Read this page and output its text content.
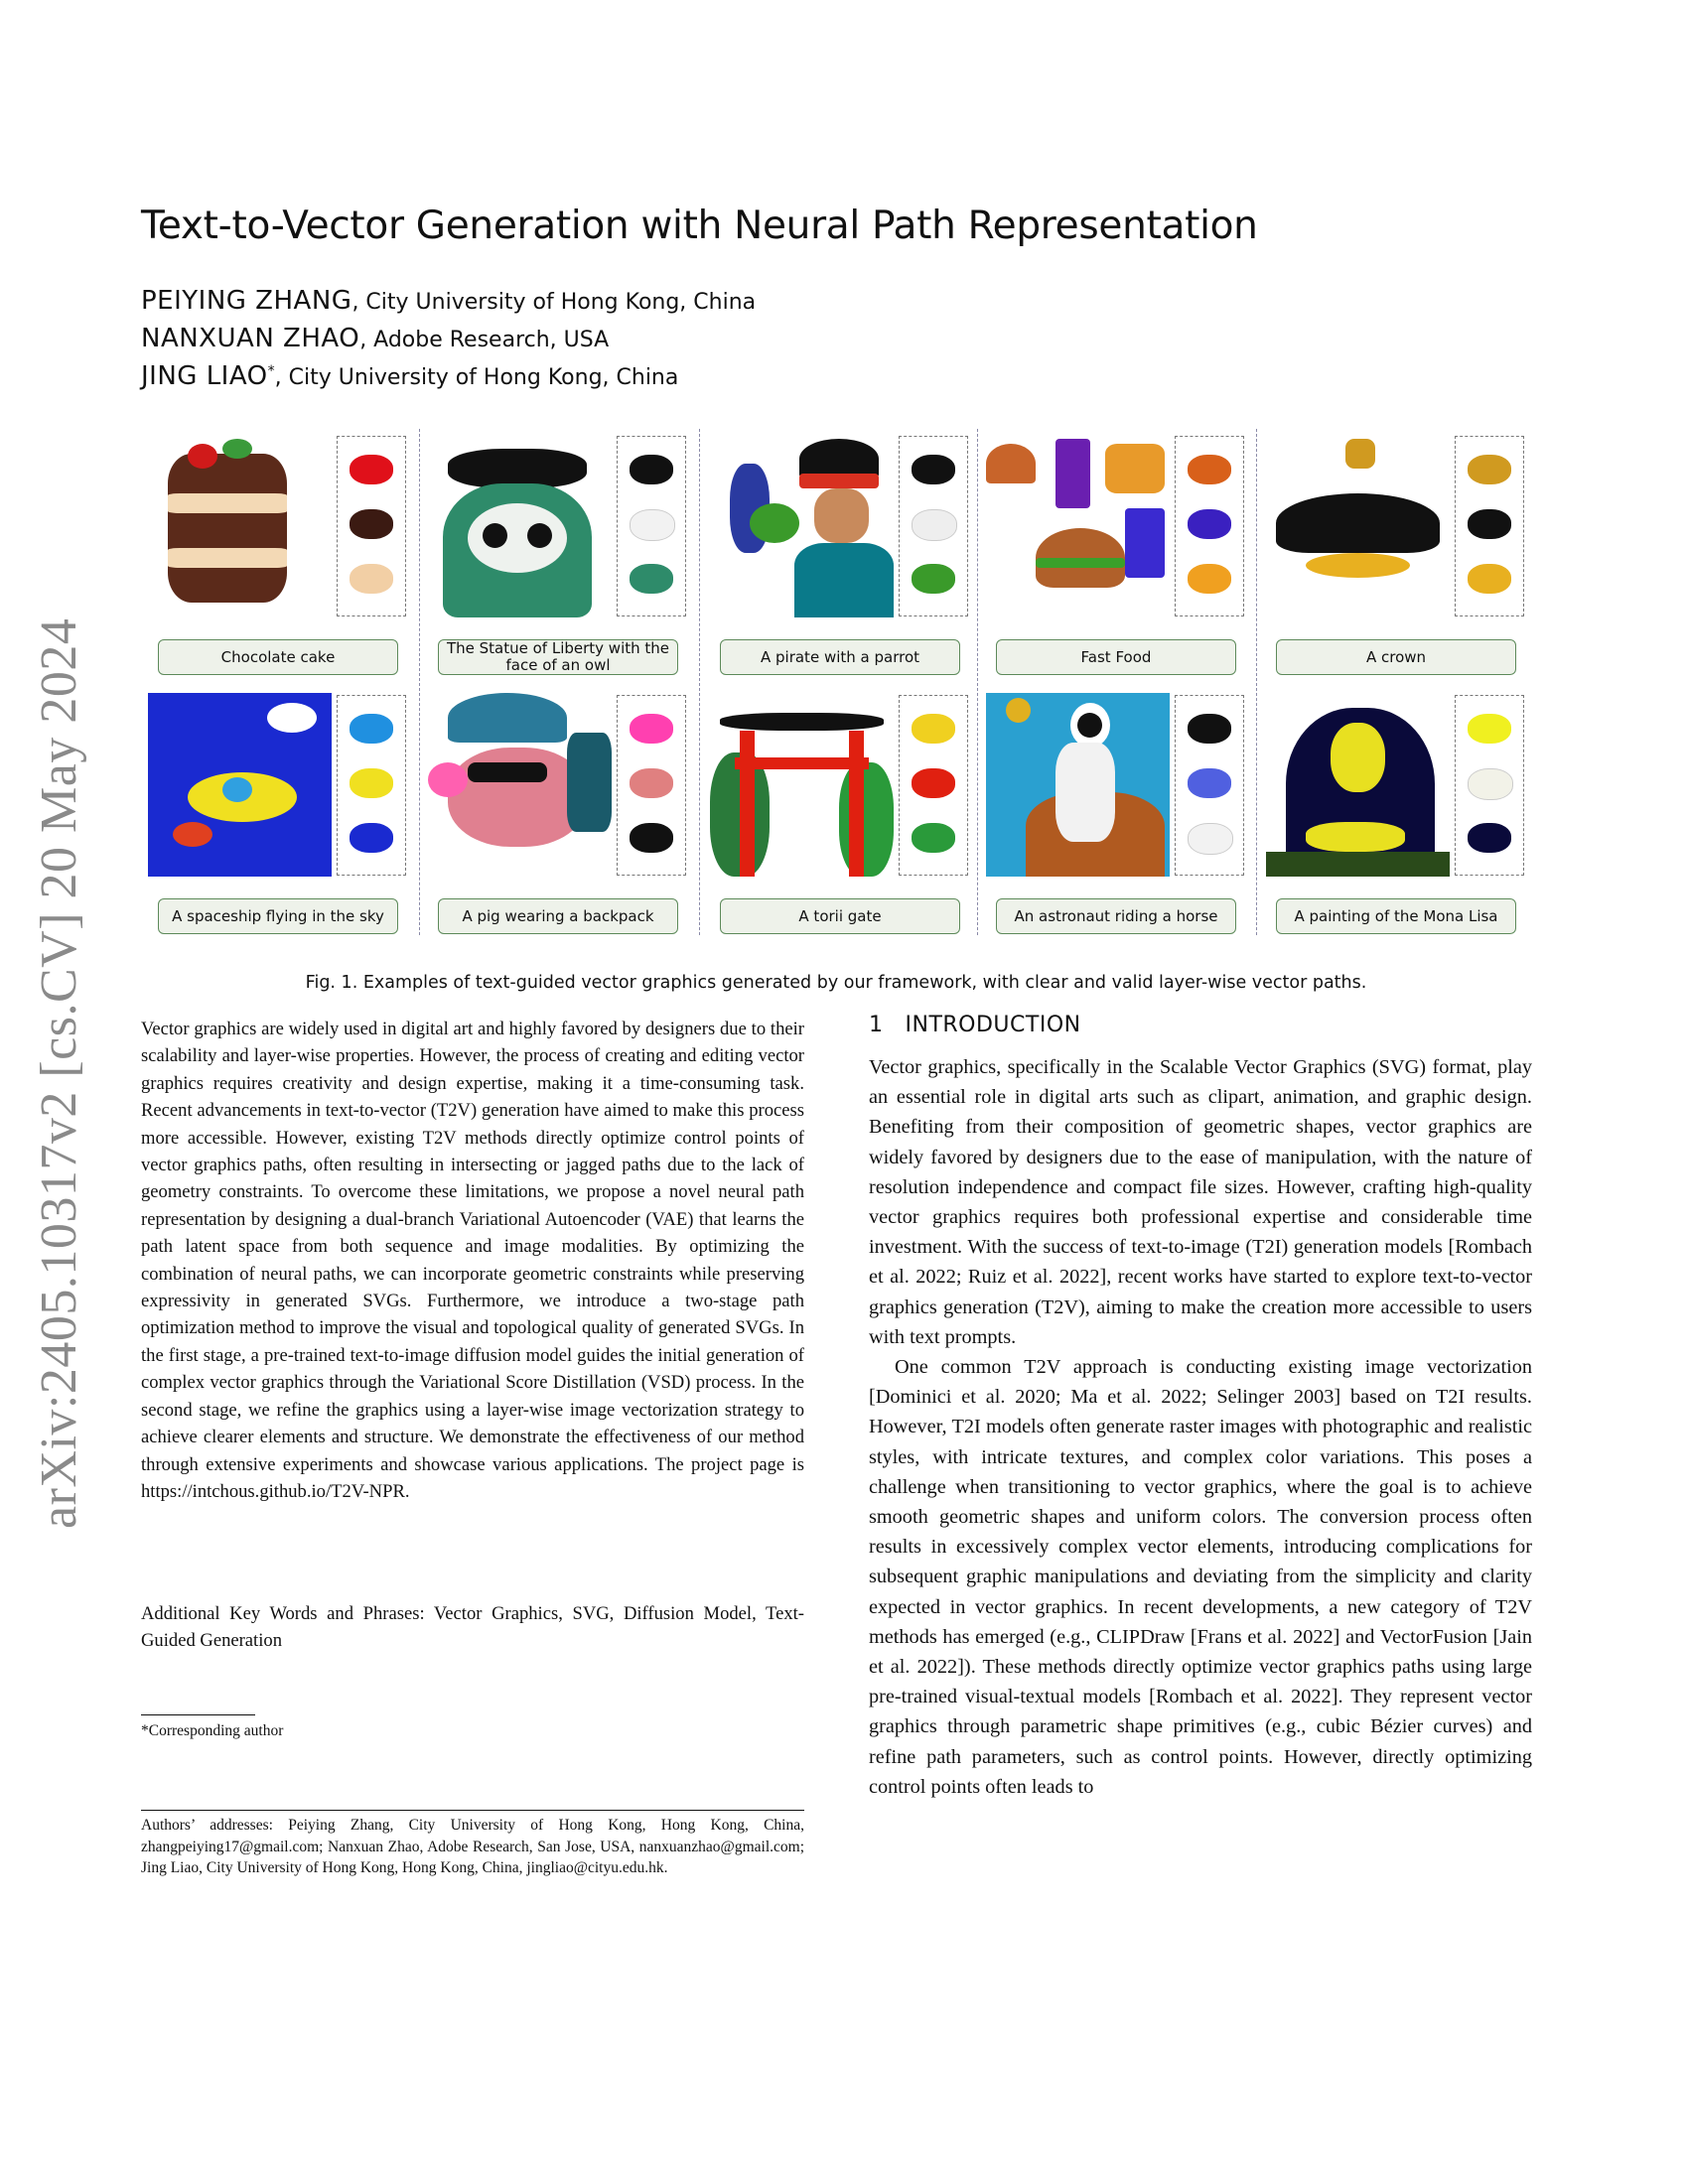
Text-to-Vector Generation with Neural Path Representation
PEIYING ZHANG, City University of Hong Kong, China
NANXUAN ZHAO, Adobe Research, USA
JING LIAO*, City University of Hong Kong, China
arXiv:2405.10317v2 [cs.CV] 20 May 2024	Chocolate cake	The Statue of Liberty with the face of an owl	A pirate with a parrot	Fast Food	A crown
A spaceship flying in the sky	A pig wearing a backpack	A torii gate	An astronaut riding a horse	A painting of the Mona Lisa
Fig. 1. Examples of text-guided vector graphics generated by our framework, with clear and valid layer-wise vector paths.
Vector graphics are widely used in digital art and highly favored by designers due to their scalability and layer-wise properties. However, the process of creating and editing vector graphics requires creativity and design expertise, making it a time-consuming task. Recent advancements in text-to-vector (T2V) generation have aimed to make this process more accessible. However, existing T2V methods directly optimize control points of vector graphics paths, often resulting in intersecting or jagged paths due to the lack of geometry constraints. To overcome these limitations, we propose a novel neural path representation by designing a dual-branch Variational Autoencoder (VAE) that learns the path latent space from both sequence and image modalities. By optimizing the combination of neural paths, we can incorporate geometric constraints while preserving expressivity in generated SVGs. Furthermore, we introduce a two-stage path optimization method to improve the visual and topological quality of generated SVGs. In the first stage, a pre-trained text-to-image diffusion model guides the initial generation of complex vector graphics through the Variational Score Distillation (VSD) process. In the second stage, we refine the graphics using a layer-wise image vectorization strategy to achieve clearer elements and structure. We demonstrate the effectiveness of our method through extensive experiments and showcase various applications. The project page is https://intchous.github.io/T2V-NPR.
Additional Key Words and Phrases: Vector Graphics, SVG, Diffusion Model, Text-Guided Generation
*Corresponding author
Authors’ addresses: Peiying Zhang, City University of Hong Kong, Hong Kong, China, zhangpeiying17@gmail.com; Nanxuan Zhao, Adobe Research, San Jose, USA, nanxuanzhao@gmail.com; Jing Liao, City University of Hong Kong, Hong Kong, China, jingliao@cityu.edu.hk.
1 INTRODUCTION

Vector graphics, specifically in the Scalable Vector Graphics (SVG) format, play an essential role in digital arts such as clipart, animation, and graphic design. Benefiting from their composition of geometric shapes, vector graphics are widely favored by designers due to the ease of manipulation, with the nature of resolution independence and compact file sizes. However, crafting high-quality vector graphics requires both professional expertise and considerable time investment. With the success of text-to-image (T2I) generation models [Rombach et al. 2022; Ruiz et al. 2022], recent works have started to explore text-to-vector graphics generation (T2V), aiming to make the creation more accessible to users with text prompts.

One common T2V approach is conducting existing image vectorization [Dominici et al. 2020; Ma et al. 2022; Selinger 2003] based on T2I results. However, T2I models often generate raster images with photographic and realistic styles, with intricate textures, and complex color variations. This poses a challenge when transitioning to vector graphics, where the goal is to achieve smooth geometric shapes and uniform colors. The conversion process often results in excessively complex vector elements, introducing complications for subsequent graphic manipulations and deviating from the simplicity and clarity expected in vector graphics. In recent developments, a new category of T2V methods has emerged (e.g., CLIPDraw [Frans et al. 2022] and VectorFusion [Jain et al. 2022]). These methods directly optimize vector graphics paths using large pre-trained visual-textual models [Rombach et al. 2022]. They represent vector graphics through parametric shape primitives (e.g., cubic Bézier curves) and refine path parameters, such as control points. However, directly optimizing control points often leads to
